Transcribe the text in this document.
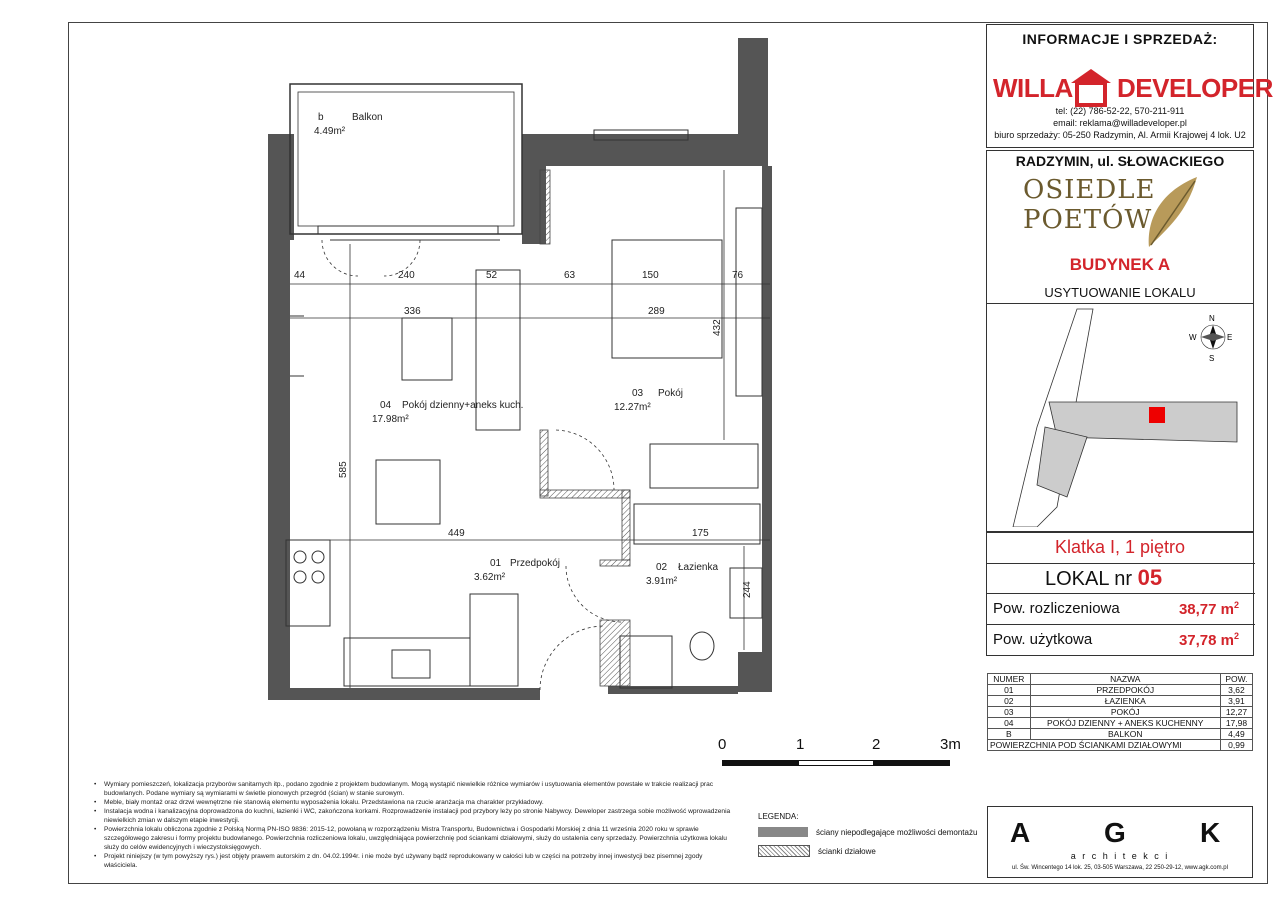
b	Balkon
4.49m²
04 Pokój dzienny+aneks kuch.
17.98m²
03 Pokój
12.27m²
01 Przedpokój
3.62m²
02 Łazienka
3.91m²
44	240	52	63	150	76
336	289
432
585
449	175
244
INFORMACJE I SPRZEDAŻ:
WILLA DEVELOPER
tel: (22) 786-52-22, 570-211-911
email: reklama@willadeveloper.pl
biuro sprzedaży: 05-250 Radzymin, Al. Armii Krajowej 4 lok. U2
RADZYMIN, ul. SŁOWACKIEGO
OSIEDLE
POETÓW
BUDYNEK A
USYTUOWANIE LOKALU
N
S
E
W
Klatka I, 1 piętro
LOKAL nr 05
Pow. rozliczeniowa	38,77 $m^2$
Pow. użytkowa	37,78 $m^2$
NUMER	NAZWA	POW.
01	PRZEDPOKÓJ	3,62
02	ŁAZIENKA	3,91
03	POKÓJ	12,27
04	POKÓJ DZIENNY + ANEKS KUCHENNY	17,98
B	BALKON	4,49
POWIERZCHNIA POD ŚCIANKAMI DZIAŁOWYMI		0,99
0	1	2	3m

• Wymiary pomieszczeń, lokalizacja przyborów sanitarnych itp., podano zgodnie z projektem budowlanym. Mogą wystąpić niewielkie różnice wymiarów i usytuowania elementów powstałe w trakcie realizacji prac budowlanych. Podane wymiary są wymiarami w świetle pionowych przegród (ścian) w stanie surowym.

• Meble, biały montaż oraz drzwi wewnętrzne nie stanowią elementu wyposażenia lokalu. Przedstawiona na rzucie aranżacja ma charakter przykładowy.

• Instalacja wodna i kanalizacyjna doprowadzona do kuchni, łazienki i WC, zakończona korkami. Rozprowadzenie instalacji pod przybory leży po stronie Nabywcy. Deweloper zastrzega sobie możliwość wprowadzenia niewielkich zmian w dalszym etapie inwestycji.

• Powierzchnia lokalu obliczona zgodnie z Polską Normą PN-ISO 9836: 2015-12, powołaną w rozporządzeniu Mistra Transportu, Budownictwa i Gospodarki Morskiej z dnia 11 września 2020 roku w sprawie szczegółowego zakresu i formy projektu budowlanego. Powierzchnia rozliczeniowa lokalu, uwzględniająca powierzchnię pod ściankami działowymi, służy do ustalenia ceny sprzedaży. Powierzchnia użytkowa lokalu służy do celów ewidencyjnych i wieczystoksięgowych.

• Projekt niniejszy (w tym powyższy rys.) jest objęty prawem autorskim z dn. 04.02.1994r. i nie może być używany bądź reprodukowany w całości lub w części na potrzeby innej inwestycji bez pisemnej zgody właściciela.

LEGENDA:
ściany niepodlegające możliwości demontażu
ścianki działowe
A	G	K
a r c h i t e k c i
ul. Św. Wincentego 14 lok. 25, 03-505 Warszawa, 22 250-29-12, www.agk.com.pl
